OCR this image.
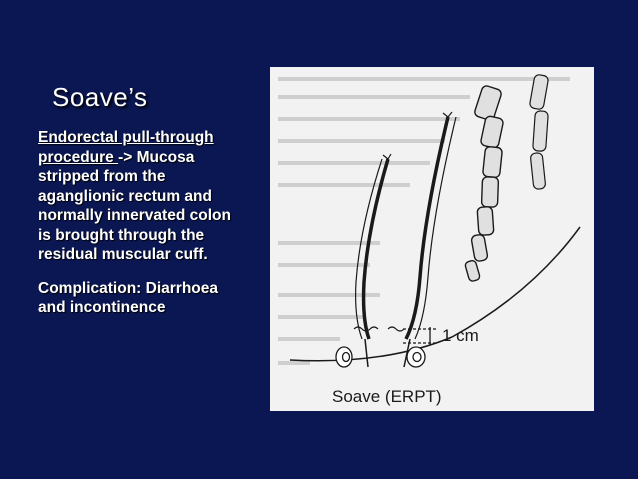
Soave’s
Endorectal pull-through procedure -> Mucosa stripped from the aganglionic rectum and normally innervated colon is brought through the residual muscular cuff.
Complication: Diarrhoea and incontinence
1 cm
Soave (ERPT)
